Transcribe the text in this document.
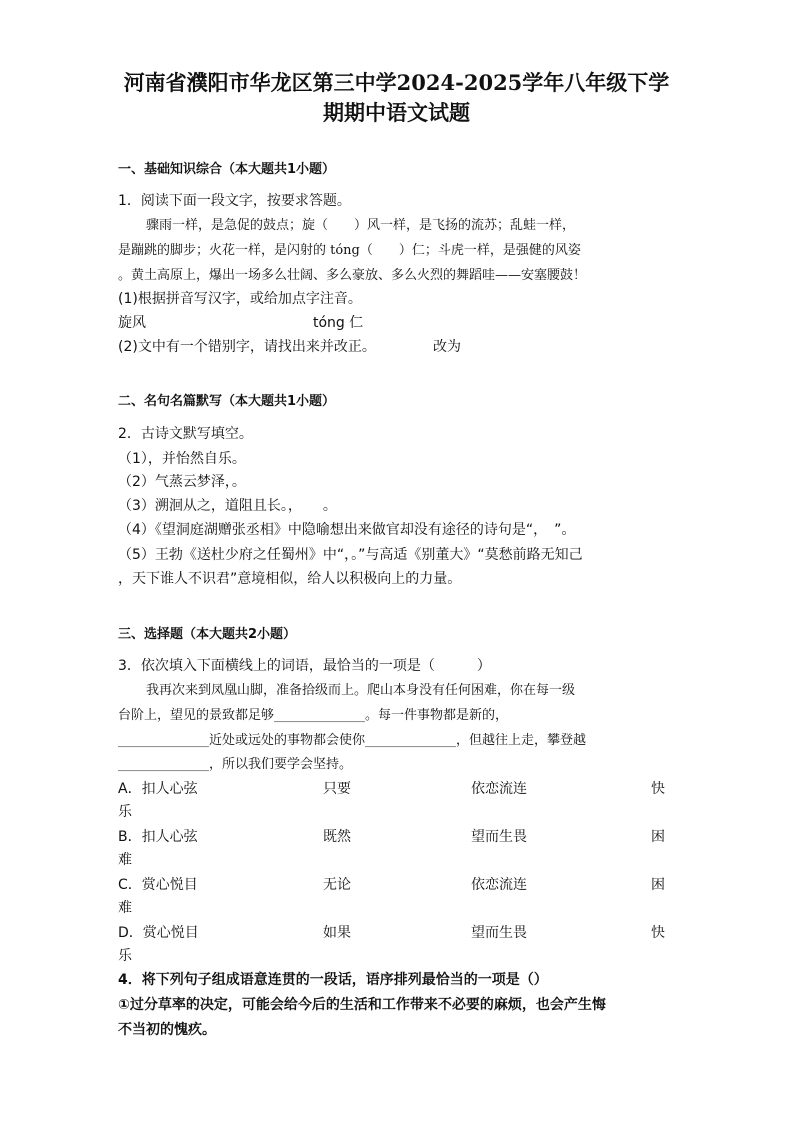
河南省濮阳市华龙区第三中学2024-2025学年八年级下学
期期中语文试题
一、基础知识综合（本大题共1小题）
1．阅读下面一段文字，按要求答题。
骤雨一样，是急促的鼓点；旋（　　）风一样，是飞扬的流苏；乱蛙一样，
是蹦跳的脚步；火花一样，是闪射的 tóng（　　）仁；斗虎一样，是强健的风姿
。黄土高原上，爆出一场多么壮阔、多么豪放、多么火烈的舞蹈哇——安塞腰鼓！
(1)根据拼音写汉字，或给加点字注音。
旋风	tóng 仁
(2)文中有一个错别字，请找出来并改正。	改为
二、名句名篇默写（本大题共1小题）
2．古诗文默写填空。
（1），并怡然自乐。
（2）气蒸云梦泽，。
（3）溯洄从之，道阻且长。，　　。
（4）《望洞庭湖赠张丞相》中隐喻想出来做官却没有途径的诗句是“，　”。
（5）王勃《送杜少府之任蜀州》中“，。”与高适《别董大》“莫愁前路无知己
，天下谁人不识君”意境相似，给人以积极向上的力量。
三、选择题（本大题共2小题）
3．依次填入下面横线上的词语，最恰当的一项是（　　　）
我再次来到凤凰山脚，准备拾级而上。爬山本身没有任何困难，你在每一级
台阶上，望见的景致都足够______________。每一件事物都是新的，
______________近处或远处的事物都会使你______________，但越往上走，攀登越
______________，所以我们要学会坚持。
A．扣人心弦	只要	依恋流连	快
乐
B．扣人心弦	既然	望而生畏	困
难
C．赏心悦目	无论	依恋流连	困
难
D．赏心悦目	如果	望而生畏	快
乐
4．将下列句子组成语意连贯的一段话，语序排列最恰当的一项是（）
①过分草率的决定，可能会给今后的生活和工作带来不必要的麻烦，也会产生悔
不当初的愧疚。
